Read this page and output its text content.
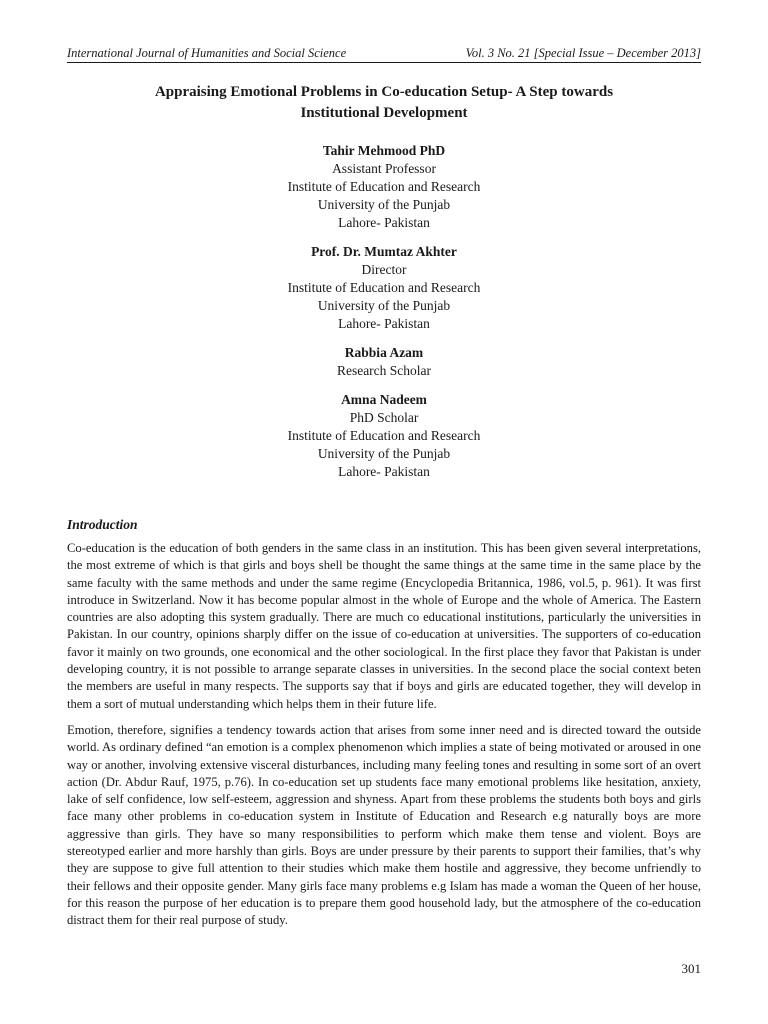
International Journal of Humanities and Social Science	Vol. 3 No. 21 [Special Issue – December 2013]
Appraising Emotional Problems in Co-education Setup- A Step towards
Institutional Development
Tahir Mehmood PhD
Assistant Professor
Institute of Education and Research
University of the Punjab
Lahore- Pakistan
Prof. Dr. Mumtaz Akhter
Director
Institute of Education and Research
University of the Punjab
Lahore- Pakistan
Rabbia Azam
Research Scholar
Amna Nadeem
PhD Scholar
Institute of Education and Research
University of the Punjab
Lahore- Pakistan
Introduction

Co-education is the education of both genders in the same class in an institution. This has been given several interpretations, the most extreme of which is that girls and boys shell be thought the same things at the same time in the same place by the same faculty with the same methods and under the same regime (Encyclopedia Britannica, 1986, vol.5, p. 961). It was first introduce in Switzerland. Now it has become popular almost in the whole of Europe and the whole of America. The Eastern countries are also adopting this system gradually. There are much co educational institutions, particularly the universities in Pakistan. In our country, opinions sharply differ on the issue of co-education at universities. The supporters of co-education favor it mainly on two grounds, one economical and the other sociological. In the first place they favor that Pakistan is under developing country, it is not possible to arrange separate classes in universities. In the second place the social context beten the members are useful in many respects. The supports say that if boys and girls are educated together, they will develop in them a sort of mutual understanding which helps them in their future life.

Emotion, therefore, signifies a tendency towards action that arises from some inner need and is directed toward the outside world. As ordinary defined “an emotion is a complex phenomenon which implies a state of being motivated or aroused in one way or another, involving extensive visceral disturbances, including many feeling tones and resulting in some sort of an overt action (Dr. Abdur Rauf, 1975, p.76). In co-education set up students face many emotional problems like hesitation, anxiety, lake of self confidence, low self-esteem, aggression and shyness. Apart from these problems the students both boys and girls face many other problems in co-education system in Institute of Education and Research e.g naturally boys are more aggressive than girls. They have so many responsibilities to perform which make them tense and violent. Boys are stereotyped earlier and more harshly than girls. Boys are under pressure by their parents to support their families, that’s why they are suppose to give full attention to their studies which make them hostile and aggressive, they become unfriendly to their fellows and their opposite gender. Many girls face many problems e.g Islam has made a woman the Queen of her house, for this reason the purpose of her education is to prepare them good household lady, but the atmosphere of the co-education distract them for their real purpose of study.

301
